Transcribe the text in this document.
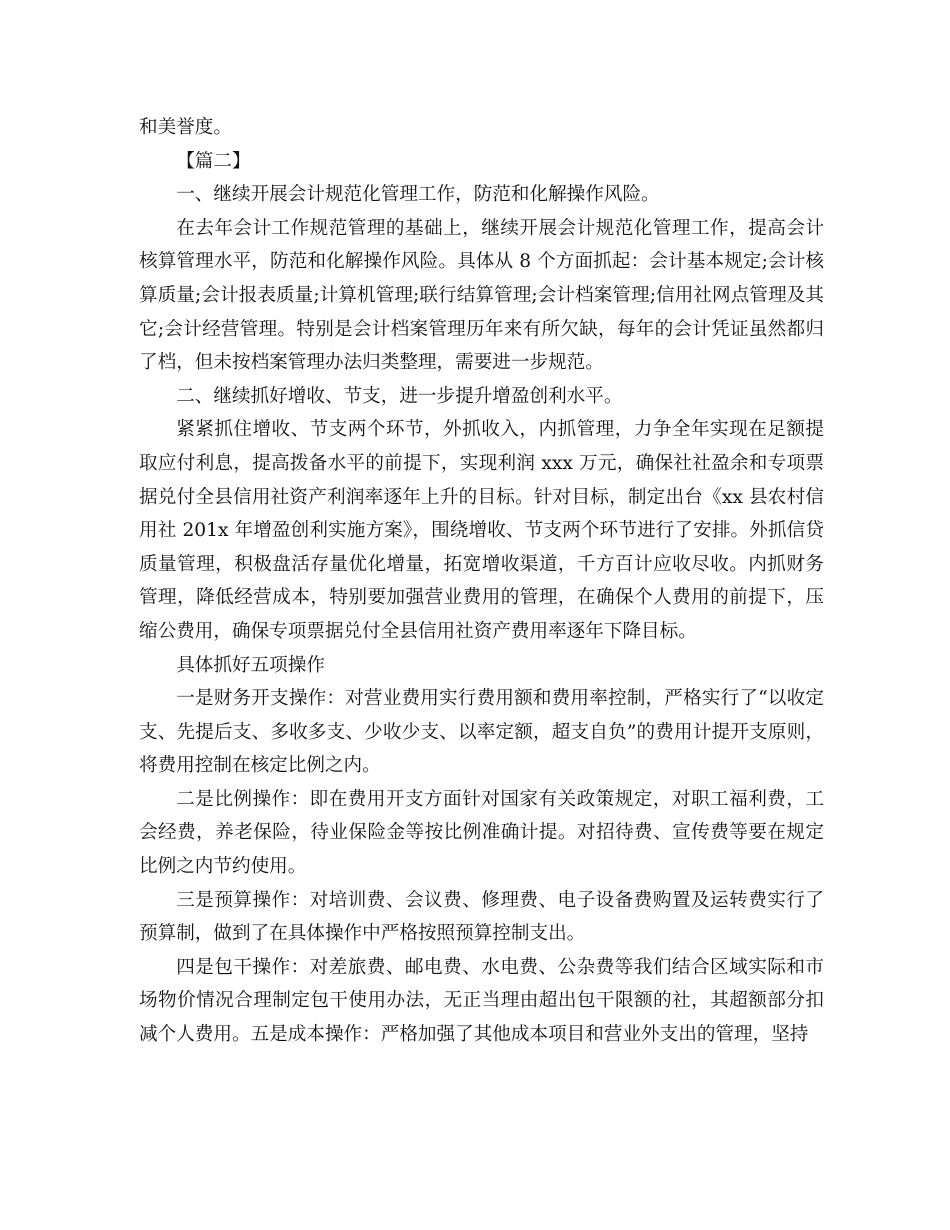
和美誉度。

【篇二】

一、继续开展会计规范化管理工作，防范和化解操作风险。

在去年会计工作规范管理的基础上，继续开展会计规范化管理工作，提高会计核算管理水平，防范和化解操作风险。具体从 8 个方面抓起：会计基本规定;会计核算质量;会计报表质量;计算机管理;联行结算管理;会计档案管理;信用社网点管理及其它;会计经营管理。特别是会计档案管理历年来有所欠缺，每年的会计凭证虽然都归了档，但未按档案管理办法归类整理，需要进一步规范。

二、继续抓好增收、节支，进一步提升增盈创利水平。

紧紧抓住增收、节支两个环节，外抓收入，内抓管理，力争全年实现在足额提取应付利息，提高拨备水平的前提下，实现利润 xxx 万元，确保社社盈余和专项票据兑付全县信用社资产利润率逐年上升的目标。针对目标，制定出台《xx 县农村信用社 201x 年增盈创利实施方案》，围绕增收、节支两个环节进行了安排。外抓信贷质量管理，积极盘活存量优化增量，拓宽增收渠道，千方百计应收尽收。内抓财务管理，降低经营成本，特别要加强营业费用的管理，在确保个人费用的前提下，压缩公费用，确保专项票据兑付全县信用社资产费用率逐年下降目标。

具体抓好五项操作

一是财务开支操作：对营业费用实行费用额和费用率控制，严格实行了“以收定支、先提后支、多收多支、少收少支、以率定额，超支自负”的费用计提开支原则，将费用控制在核定比例之内。

二是比例操作：即在费用开支方面针对国家有关政策规定，对职工福利费，工会经费，养老保险，待业保险金等按比例准确计提。对招待费、宣传费等要在规定比例之内节约使用。

三是预算操作：对培训费、会议费、修理费、电子设备费购置及运转费实行了预算制，做到了在具体操作中严格按照预算控制支出。

四是包干操作：对差旅费、邮电费、水电费、公杂费等我们结合区域实际和市场物价情况合理制定包干使用办法，无正当理由超出包干限额的社，其超额部分扣减个人费用。五是成本操作：严格加强了其他成本项目和营业外支出的管理，坚持
